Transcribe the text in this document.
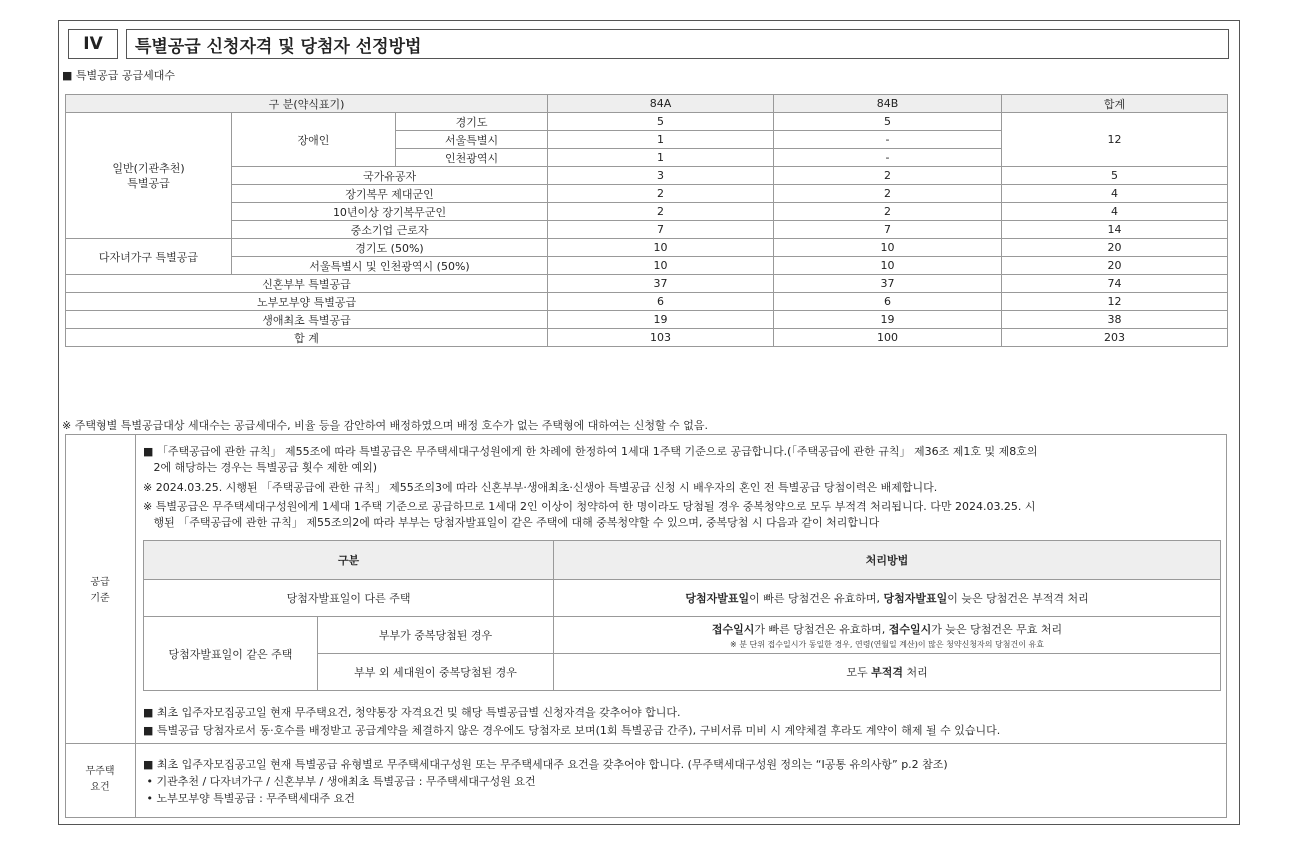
IV	특별공급 신청자격 및 당첨자 선정방법
■ 특별공급 공급세대수
구 분(약식표기)			84A	84B	합계
일반(기관추천)
특별공급	장애인	경기도	5	5	12
		서울특별시	1	-	
		인천광역시	1	-	
	국가유공자		3	2	5
	장기복무 제대군인		2	2	4
	10년이상 장기복무군인		2	2	4
	중소기업 근로자		7	7	14
다자녀가구 특별공급	경기도 (50%)		10	10	20
	서울특별시 및 인천광역시 (50%)		10	10	20
신혼부부 특별공급			37	37	74
노부모부양 특별공급			6	6	12
생애최초 특별공급			19	19	38
합 계			103	100	203
※ 주택형별 특별공급대상 세대수는 공급세대수, 비율 등을 감안하여 배정하였으며 배정 호수가 없는 주택형에 대하여는 신청할 수 없음.
공급
기준
■ 「주택공급에 관한 규칙」 제55조에 따라 특별공급은 무주택세대구성원에게 한 차례에 한정하여 1세대 1주택 기준으로 공급합니다.(「주택공급에 관한 규칙」 제36조 제1호 및 제8호의
2에 해당하는 경우는 특별공급 횟수 제한 예외)
※ 2024.03.25. 시행된 「주택공급에 관한 규칙」 제55조의3에 따라 신혼부부·생애최초·신생아 특별공급 신청 시 배우자의 혼인 전 특별공급 당첨이력은 배제합니다.
※ 특별공급은 무주택세대구성원에게 1세대 1주택 기준으로 공급하므로 1세대 2인 이상이 청약하여 한 명이라도 당첨될 경우 중복청약으로 모두 부적격 처리됩니다. 다만 2024.03.25. 시
행된 「주택공급에 관한 규칙」 제55조의2에 따라 부부는 당첨자발표일이 같은 주택에 대해 중복청약할 수 있으며, 중복당첨 시 다음과 같이 처리합니다
구분		처리방법
당첨자발표일이 다른 주택		당첨자발표일이 빠른 당첨건은 유효하며, 당첨자발표일이 늦은 당첨건은 부적격 처리
당첨자발표일이 같은 주택	부부가 중복당첨된 경우	접수일시가 빠른 당첨건은 유효하며, 접수일시가 늦은 당첨건은 무효 처리
※ 분 단위 접수일시가 동일한 경우, 연령(연월일 계산)이 많은 청약신청자의 당첨건이 유효

	부부 외 세대원이 중복당첨된 경우	모두 부적격 처리
■ 최초 입주자모집공고일 현재 무주택요건, 청약통장 자격요건 및 해당 특별공급별 신청자격을 갖추어야 합니다.
■ 특별공급 당첨자로서 동·호수를 배정받고 공급계약을 체결하지 않은 경우에도 당첨자로 보며(1회 특별공급 간주), 구비서류 미비 시 계약체결 후라도 계약이 해제 될 수 있습니다.
무주택
요건
■ 최초 입주자모집공고일 현재 특별공급 유형별로 무주택세대구성원 또는 무주택세대주 요건을 갖추어야 합니다. (무주택세대구성원 정의는 “Ⅰ공통 유의사항” p.2 참조)
• 기관추천 / 다자녀가구 / 신혼부부 / 생애최초 특별공급 : 무주택세대구성원 요건
• 노부모부양 특별공급 : 무주택세대주 요건
